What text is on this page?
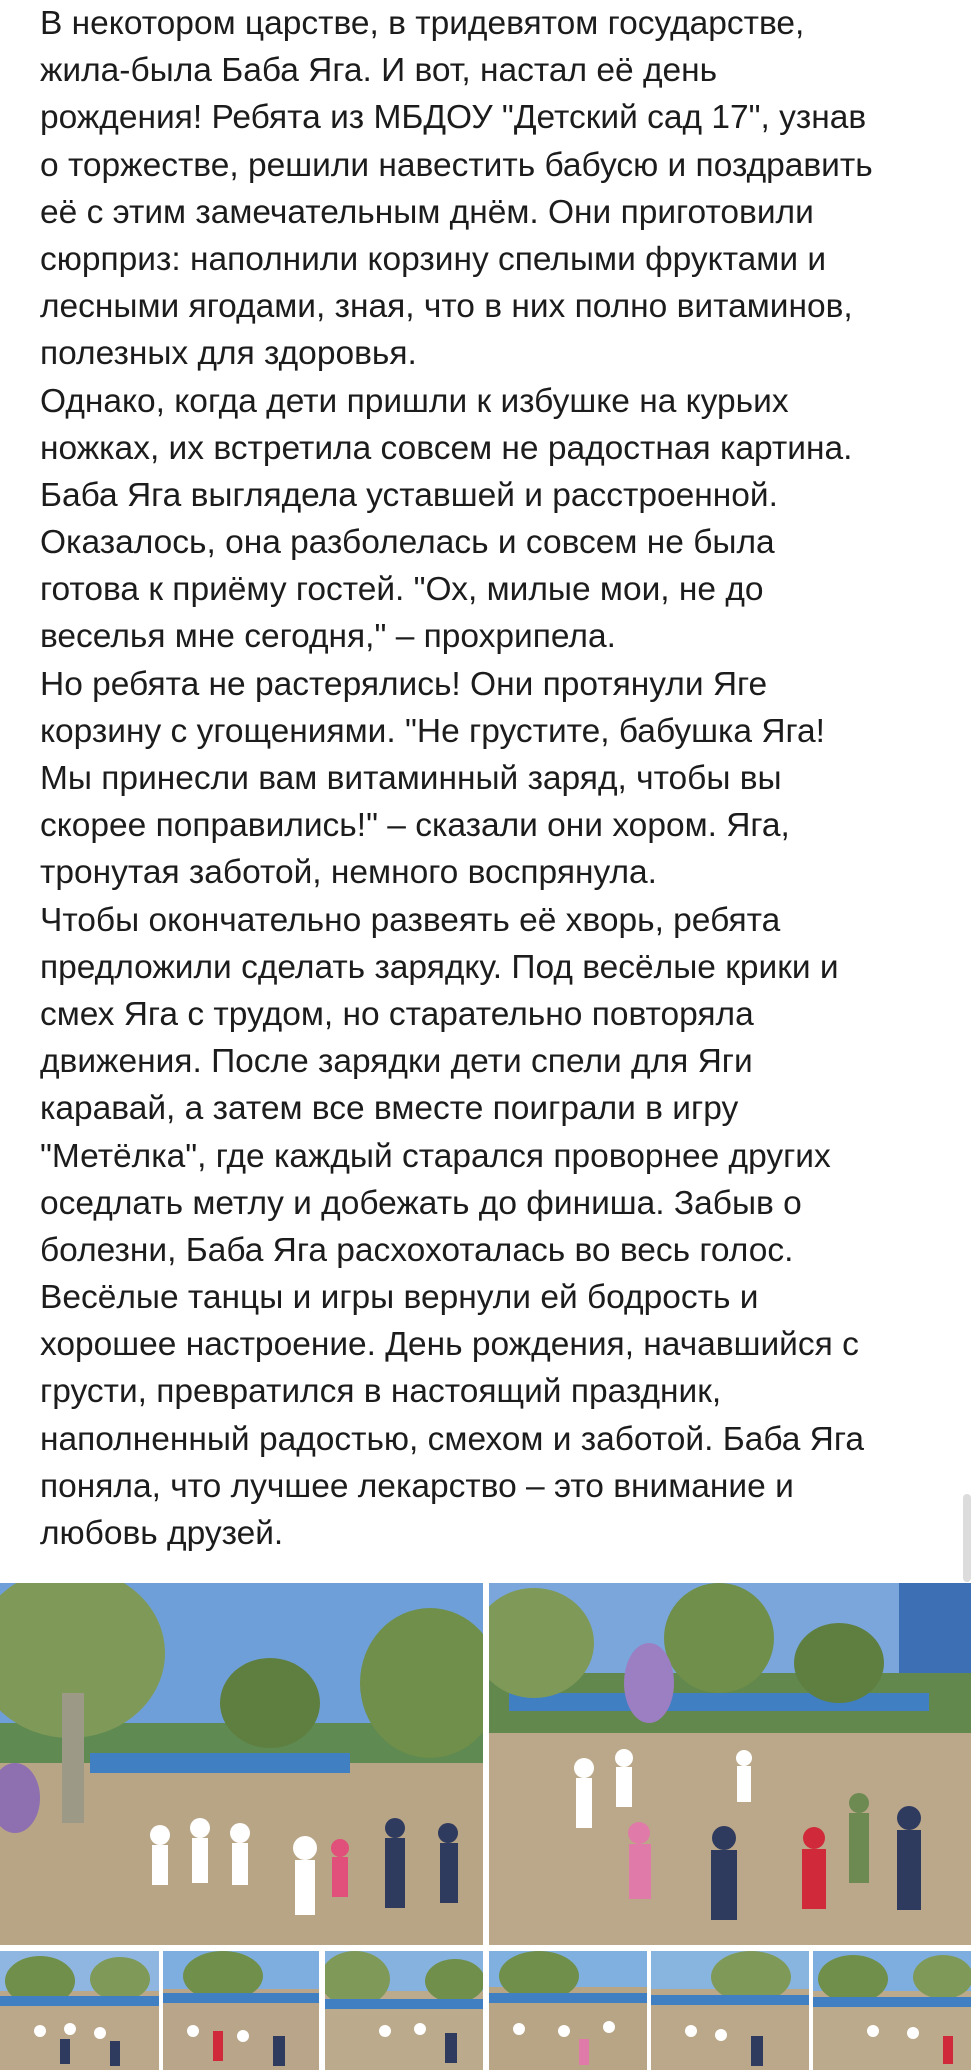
В некотором царстве, в тридевятом государстве,
жила-была Баба Яга. И вот, настал её день
рождения! Ребята из МБДОУ "Детский сад 17", узнав
о торжестве, решили навестить бабусю и поздравить
её с этим замечательным днём. Они приготовили
сюрприз: наполнили корзину спелыми фруктами и
лесными ягодами, зная, что в них полно витаминов,
полезных для здоровья.
Однако, когда дети пришли к избушке на курьих
ножках, их встретила совсем не радостная картина.
Баба Яга выглядела уставшей и расстроенной.
Оказалось, она разболелась и совсем не была
готова к приёму гостей. "Ох, милые мои, не до
веселья мне сегодня," – прохрипела.
Но ребята не растерялись! Они протянули Яге
корзину с угощениями. "Не грустите, бабушка Яга!
Мы принесли вам витаминный заряд, чтобы вы
скорее поправились!" – сказали они хором. Яга,
тронутая заботой, немного воспрянула.
Чтобы окончательно развеять её хворь, ребята
предложили сделать зарядку. Под весёлые крики и
смех Яга с трудом, но старательно повторяла
движения. После зарядки дети спели для Яги
каравай, а затем все вместе поиграли в игру
"Метёлка", где каждый старался проворнее других
оседлать метлу и добежать до финиша. Забыв о
болезни, Баба Яга расхохоталась во весь голос.
Весёлые танцы и игры вернули ей бодрость и
хорошее настроение. День рождения, начавшийся с
грусти, превратился в настоящий праздник,
наполненный радостью, смехом и заботой. Баба Яга
поняла, что лучшее лекарство – это внимание и
любовь друзей.
